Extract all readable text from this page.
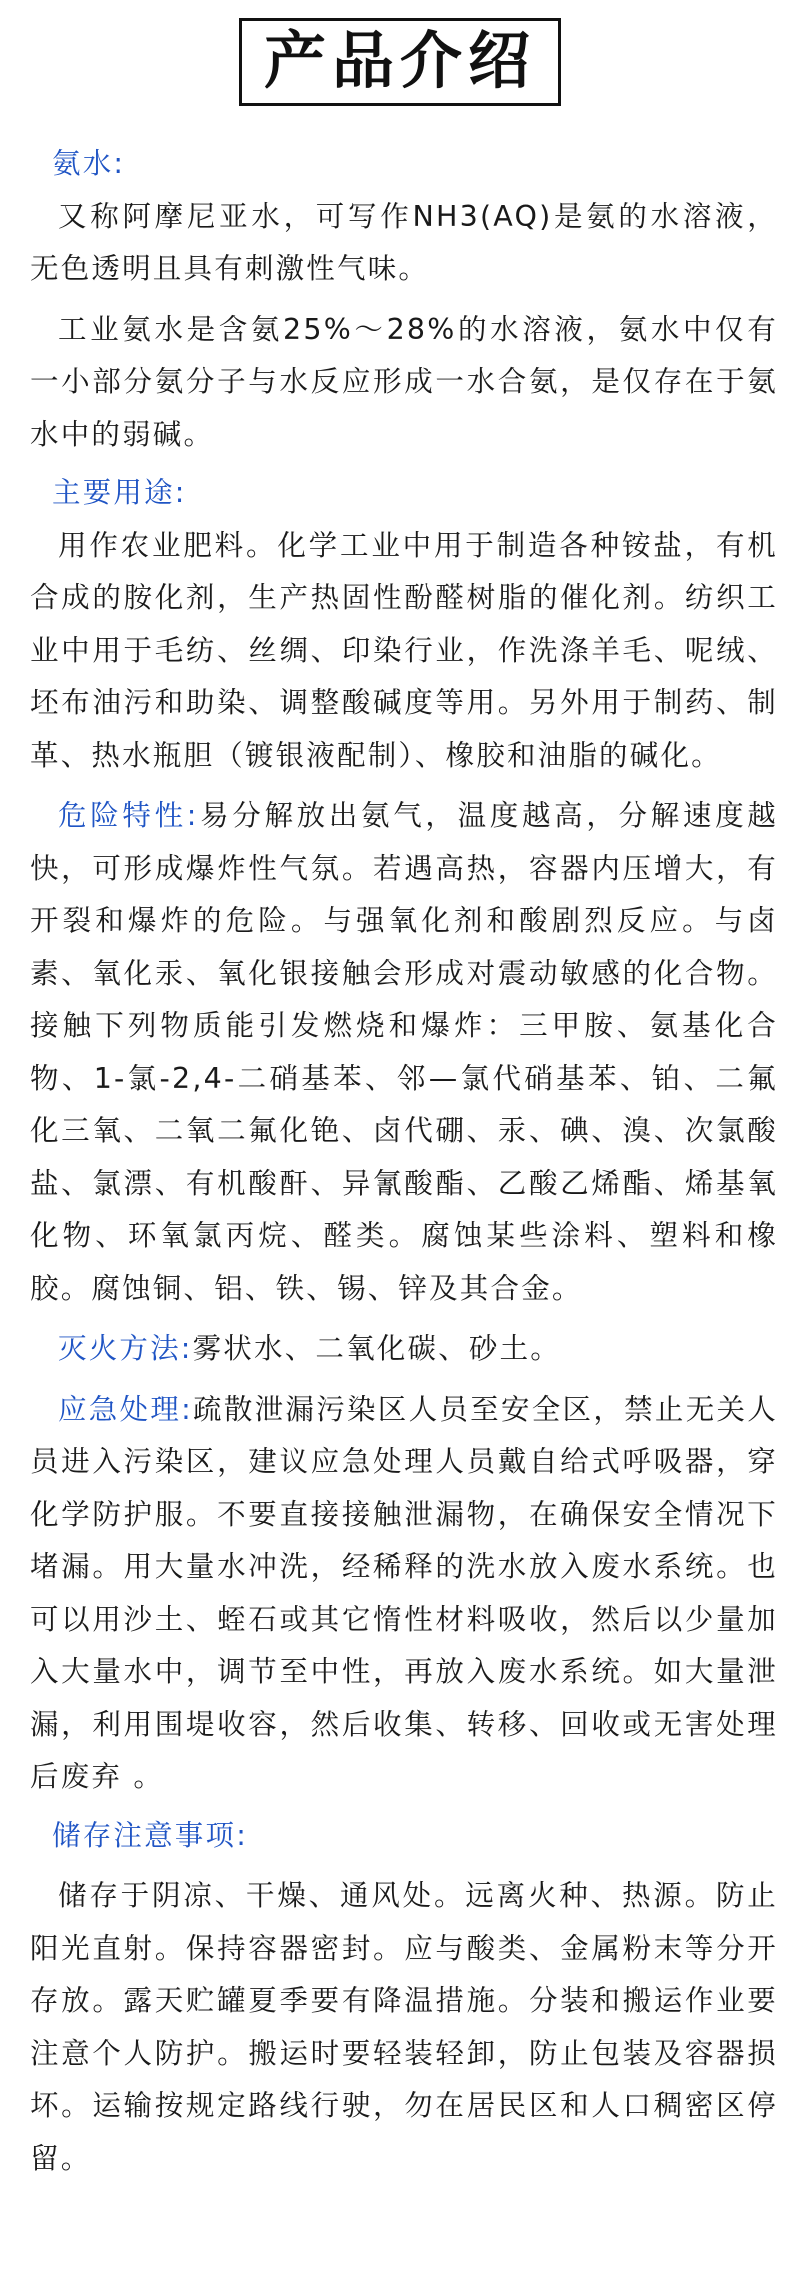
产品介绍

氨水:

又称阿摩尼亚水，可写作NH3(AQ)是氨的水溶液，无色透明且具有刺激性气味。

工业氨水是含氨25%～28%的水溶液，氨水中仅有一小部分氨分子与水反应形成一水合氨，是仅存在于氨水中的弱碱。

主要用途:

用作农业肥料。化学工业中用于制造各种铵盐，有机合成的胺化剂，生产热固性酚醛树脂的催化剂。纺织工业中用于毛纺、丝绸、印染行业，作洗涤羊毛、呢绒、坯布油污和助染、调整酸碱度等用。另外用于制药、制革、热水瓶胆（镀银液配制）、橡胶和油脂的碱化。

危险特性:易分解放出氨气，温度越高，分解速度越快，可形成爆炸性气氛。若遇高热，容器内压增大，有开裂和爆炸的危险。与强氧化剂和酸剧烈反应。与卤素、氧化汞、氧化银接触会形成对震动敏感的化合物。接触下列物质能引发燃烧和爆炸：三甲胺、氨基化合物、1-氯-2,4-二硝基苯、邻—氯代硝基苯、铂、二氟化三氧、二氧二氟化铯、卤代硼、汞、碘、溴、次氯酸盐、氯漂、有机酸酐、异氰酸酯、乙酸乙烯酯、烯基氧化物、环氧氯丙烷、醛类。腐蚀某些涂料、塑料和橡胶。腐蚀铜、铝、铁、锡、锌及其合金。

灭火方法:雾状水、二氧化碳、砂土。

应急处理:疏散泄漏污染区人员至安全区，禁止无关人员进入污染区，建议应急处理人员戴自给式呼吸器，穿化学防护服。不要直接接触泄漏物，在确保安全情况下堵漏。用大量水冲洗，经稀释的洗水放入废水系统。也可以用沙土、蛭石或其它惰性材料吸收，然后以少量加入大量水中，调节至中性，再放入废水系统。如大量泄漏，利用围堤收容，然后收集、转移、回收或无害处理后废弃 。

储存注意事项:

储存于阴凉、干燥、通风处。远离火种、热源。防止阳光直射。保持容器密封。应与酸类、金属粉末等分开存放。露天贮罐夏季要有降温措施。分装和搬运作业要注意个人防护。搬运时要轻装轻卸，防止包装及容器损坏。运输按规定路线行驶，勿在居民区和人口稠密区停留。
